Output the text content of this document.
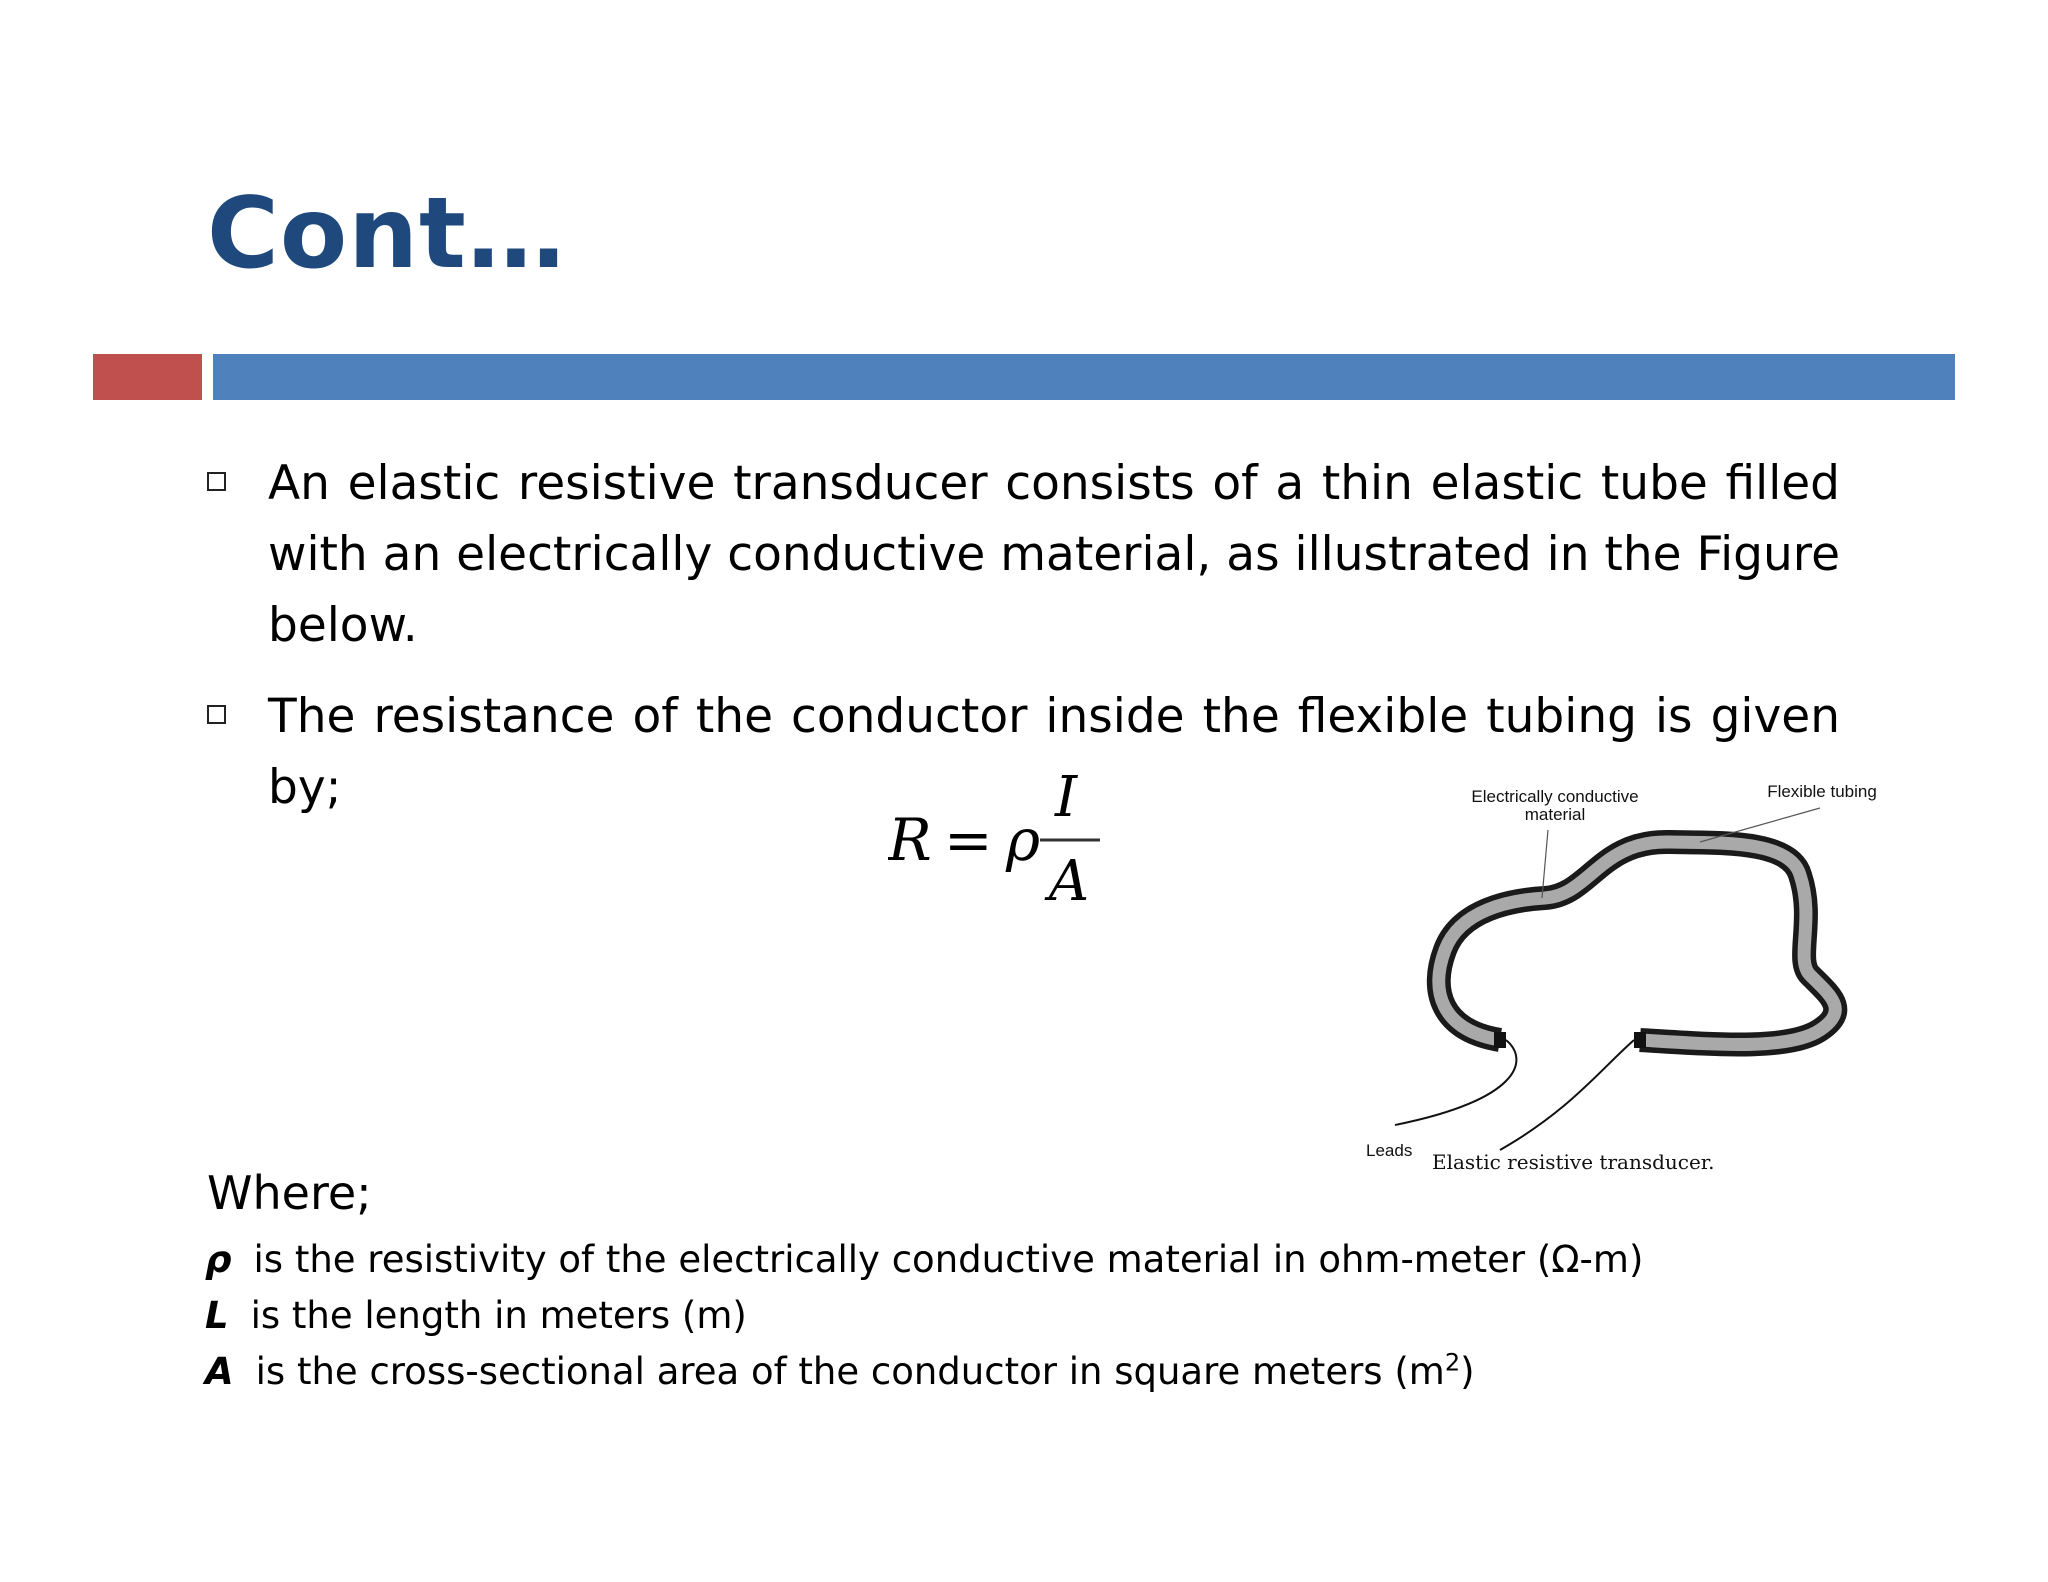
Cont…
An elastic resistive transducer consists of a thin elastic tube filled with an electrically conductive material, as illustrated in the Figure below.
The resistance of the conductor inside the flexible tubing is given by;
R = ρ
I
A
Electrically conductive
material
Flexible tubing
Leads Elastic resistive transducer.
Where;
ρ is the resistivity of the electrically conductive material in ohm-meter (Ω-m)
L is the length in meters (m)
A is the cross-sectional area of the conductor in square meters $(m^2)$
